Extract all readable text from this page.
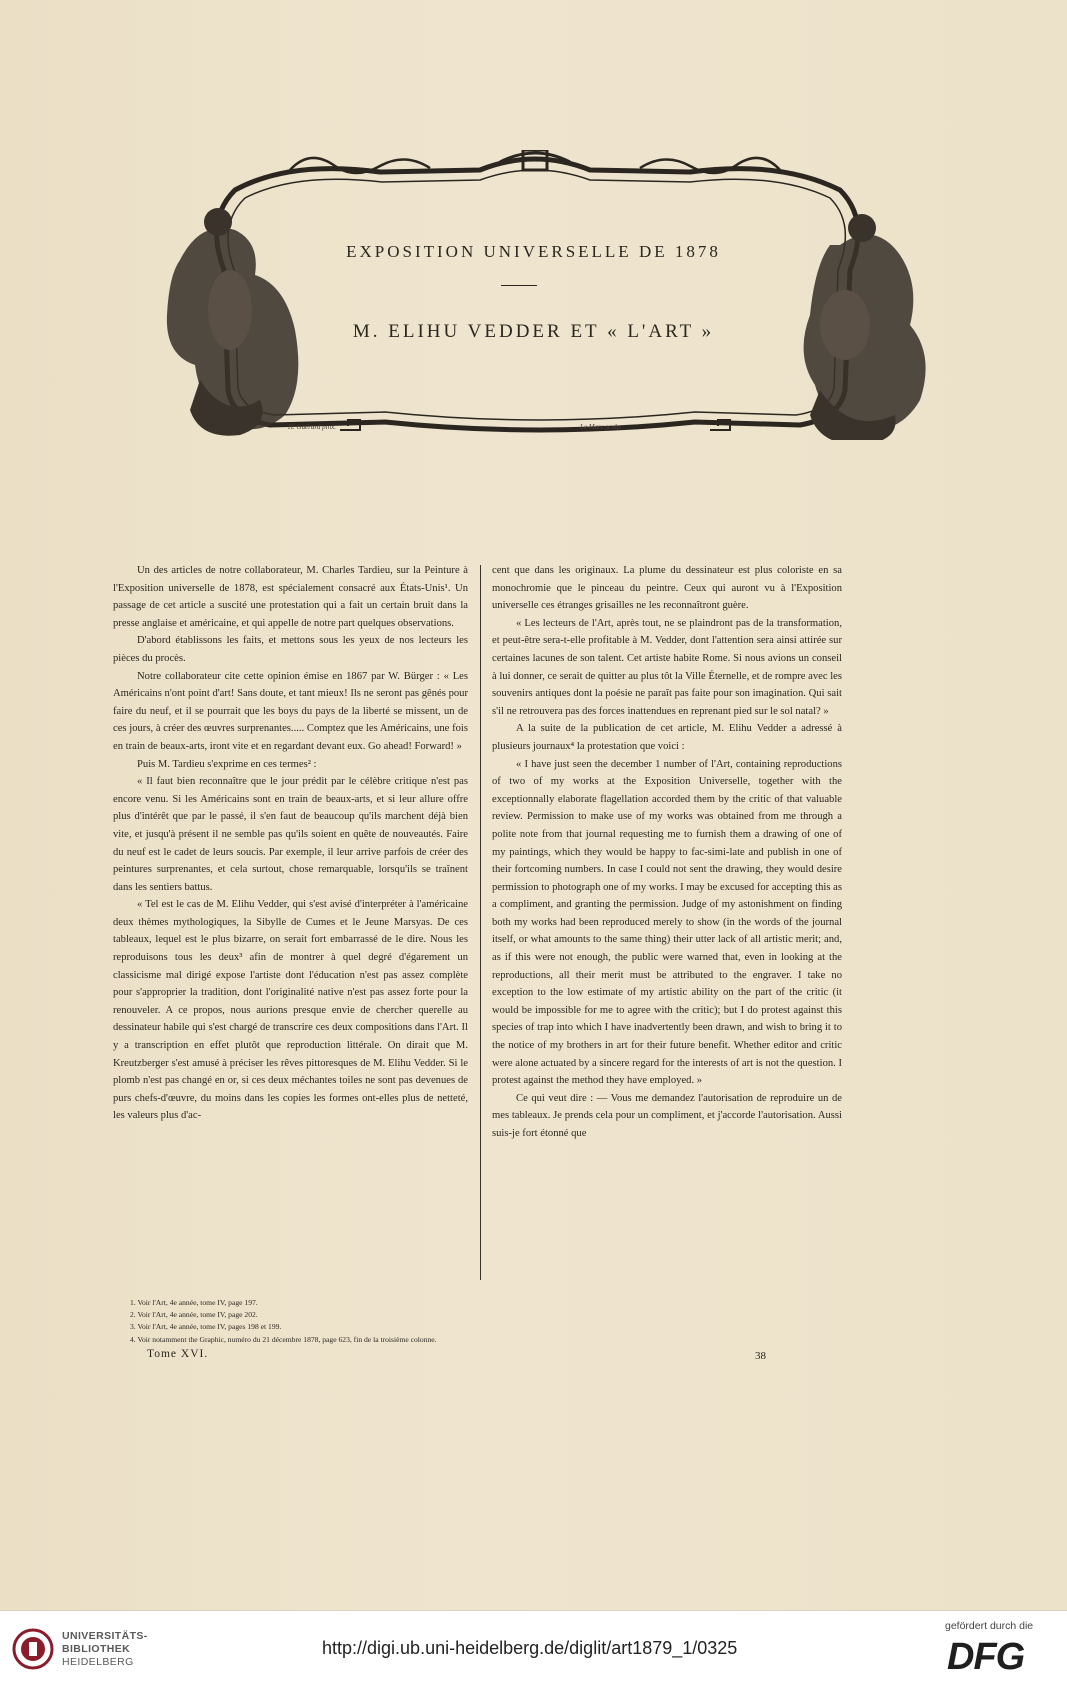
EXPOSITION UNIVERSELLE DE 1878
M. ELIHU VEDDER ET « L'ART »
H. Guérard pinx.	Le Marc sculp.

Un des articles de notre collaborateur, M. Charles Tardieu, sur la Peinture à l'Exposition universelle de 1878, est spécialement consacré aux États-Unis¹. Un passage de cet article a suscité une protestation qui a fait un certain bruit dans la presse anglaise et américaine, et qui appelle de notre part quelques observations.

D'abord établissons les faits, et mettons sous les yeux de nos lecteurs les pièces du procès.

Notre collaborateur cite cette opinion émise en 1867 par W. Bürger : « Les Américains n'ont point d'art! Sans doute, et tant mieux! Ils ne seront pas gênés pour faire du neuf, et il se pourrait que les boys du pays de la liberté se missent, un de ces jours, à créer des œuvres surprenantes..... Comptez que les Américains, une fois en train de beaux-arts, iront vite et en regardant devant eux. Go ahead! Forward! »

Puis M. Tardieu s'exprime en ces termes² :

« Il faut bien reconnaître que le jour prédit par le célèbre critique n'est pas encore venu. Si les Américains sont en train de beaux-arts, et si leur allure offre plus d'intérêt que par le passé, il s'en faut de beaucoup qu'ils marchent déjà bien vite, et jusqu'à présent il ne semble pas qu'ils soient en quête de nouveautés. Faire du neuf est le cadet de leurs soucis. Par exemple, il leur arrive parfois de créer des peintures surprenantes, et cela surtout, chose remarquable, lorsqu'ils se traînent dans les sentiers battus.

« Tel est le cas de M. Elihu Vedder, qui s'est avisé d'interpréter à l'américaine deux thèmes mythologiques, la Sibylle de Cumes et le Jeune Marsyas. De ces tableaux, lequel est le plus bizarre, on serait fort embarrassé de le dire. Nous les reproduisons tous les deux³ afin de montrer à quel degré d'égarement un classicisme mal dirigé expose l'artiste dont l'éducation n'est pas assez complète pour s'approprier la tradition, dont l'originalité native n'est pas assez forte pour la renouveler. A ce propos, nous aurions presque envie de chercher querelle au dessinateur habile qui s'est chargé de transcrire ces deux compositions dans l'Art. Il y a transcription en effet plutôt que reproduction littérale. On dirait que M. Kreutzberger s'est amusé à préciser les rêves pittoresques de M. Elihu Vedder. Si le plomb n'est pas changé en or, si ces deux méchantes toiles ne sont pas devenues de purs chefs-d'œuvre, du moins dans les copies les formes ont-elles plus de netteté, les valeurs plus d'ac-

cent que dans les originaux. La plume du dessinateur est plus coloriste en sa monochromie que le pinceau du peintre. Ceux qui auront vu à l'Exposition universelle ces étranges grisailles ne les reconnaîtront guère.

« Les lecteurs de l'Art, après tout, ne se plaindront pas de la transformation, et peut-être sera-t-elle profitable à M. Vedder, dont l'attention sera ainsi attirée sur certaines lacunes de son talent. Cet artiste habite Rome. Si nous avions un conseil à lui donner, ce serait de quitter au plus tôt la Ville Éternelle, et de rompre avec les souvenirs antiques dont la poésie ne paraît pas faite pour son imagination. Qui sait s'il ne retrouvera pas des forces inattendues en reprenant pied sur le sol natal? »

A la suite de la publication de cet article, M. Elihu Vedder a adressé à plusieurs journaux⁴ la protestation que voici :

« I have just seen the december 1 number of l'Art, containing reproductions of two of my works at the Exposition Universelle, together with the exceptionnally elaborate flagellation accorded them by the critic of that valuable review. Permission to make use of my works was obtained from me through a polite note from that journal requesting me to furnish them a drawing of one of my paintings, which they would be happy to fac-simi-late and publish in one of their fortcoming numbers. In case I could not sent the drawing, they would desire permission to photograph one of my works. I may be excused for accepting this as a compliment, and granting the permission. Judge of my astonishment on finding both my works had been reproduced merely to show (in the words of the journal itself, or what amounts to the same thing) their utter lack of all artistic merit; and, as if this were not enough, the public were warned that, even in looking at the reproductions, all their merit must be attributed to the engraver. I take no exception to the low estimate of my artistic ability on the part of the critic (it would be impossible for me to agree with the critic); but I do protest against this species of trap into which I have inadvertently been drawn, and wish to bring it to the notice of my brothers in art for their future benefit. Whether editor and critic were alone actuated by a sincere regard for the interests of art is not the question. I protest against the method they have employed. »

Ce qui veut dire : — Vous me demandez l'autorisation de reproduire un de mes tableaux. Je prends cela pour un compliment, et j'accorde l'autorisation. Aussi suis-je fort étonné que

1. Voir l'Art, 4e année, tome IV, page 197.
2. Voir l'Art, 4e année, tome IV, page 202.
3. Voir l'Art, 4e année, tome IV, pages 198 et 199.
4. Voir notamment the Graphic, numéro du 21 décembre 1878, page 623, fin de la troisième colonne.
Tome XVI.	38
UNIVERSITÄTS-
BIBLIOTHEK
HEIDELBERG
http://digi.ub.uni-heidelberg.de/diglit/art1879_1/0325
gefördert durch die
DFG
